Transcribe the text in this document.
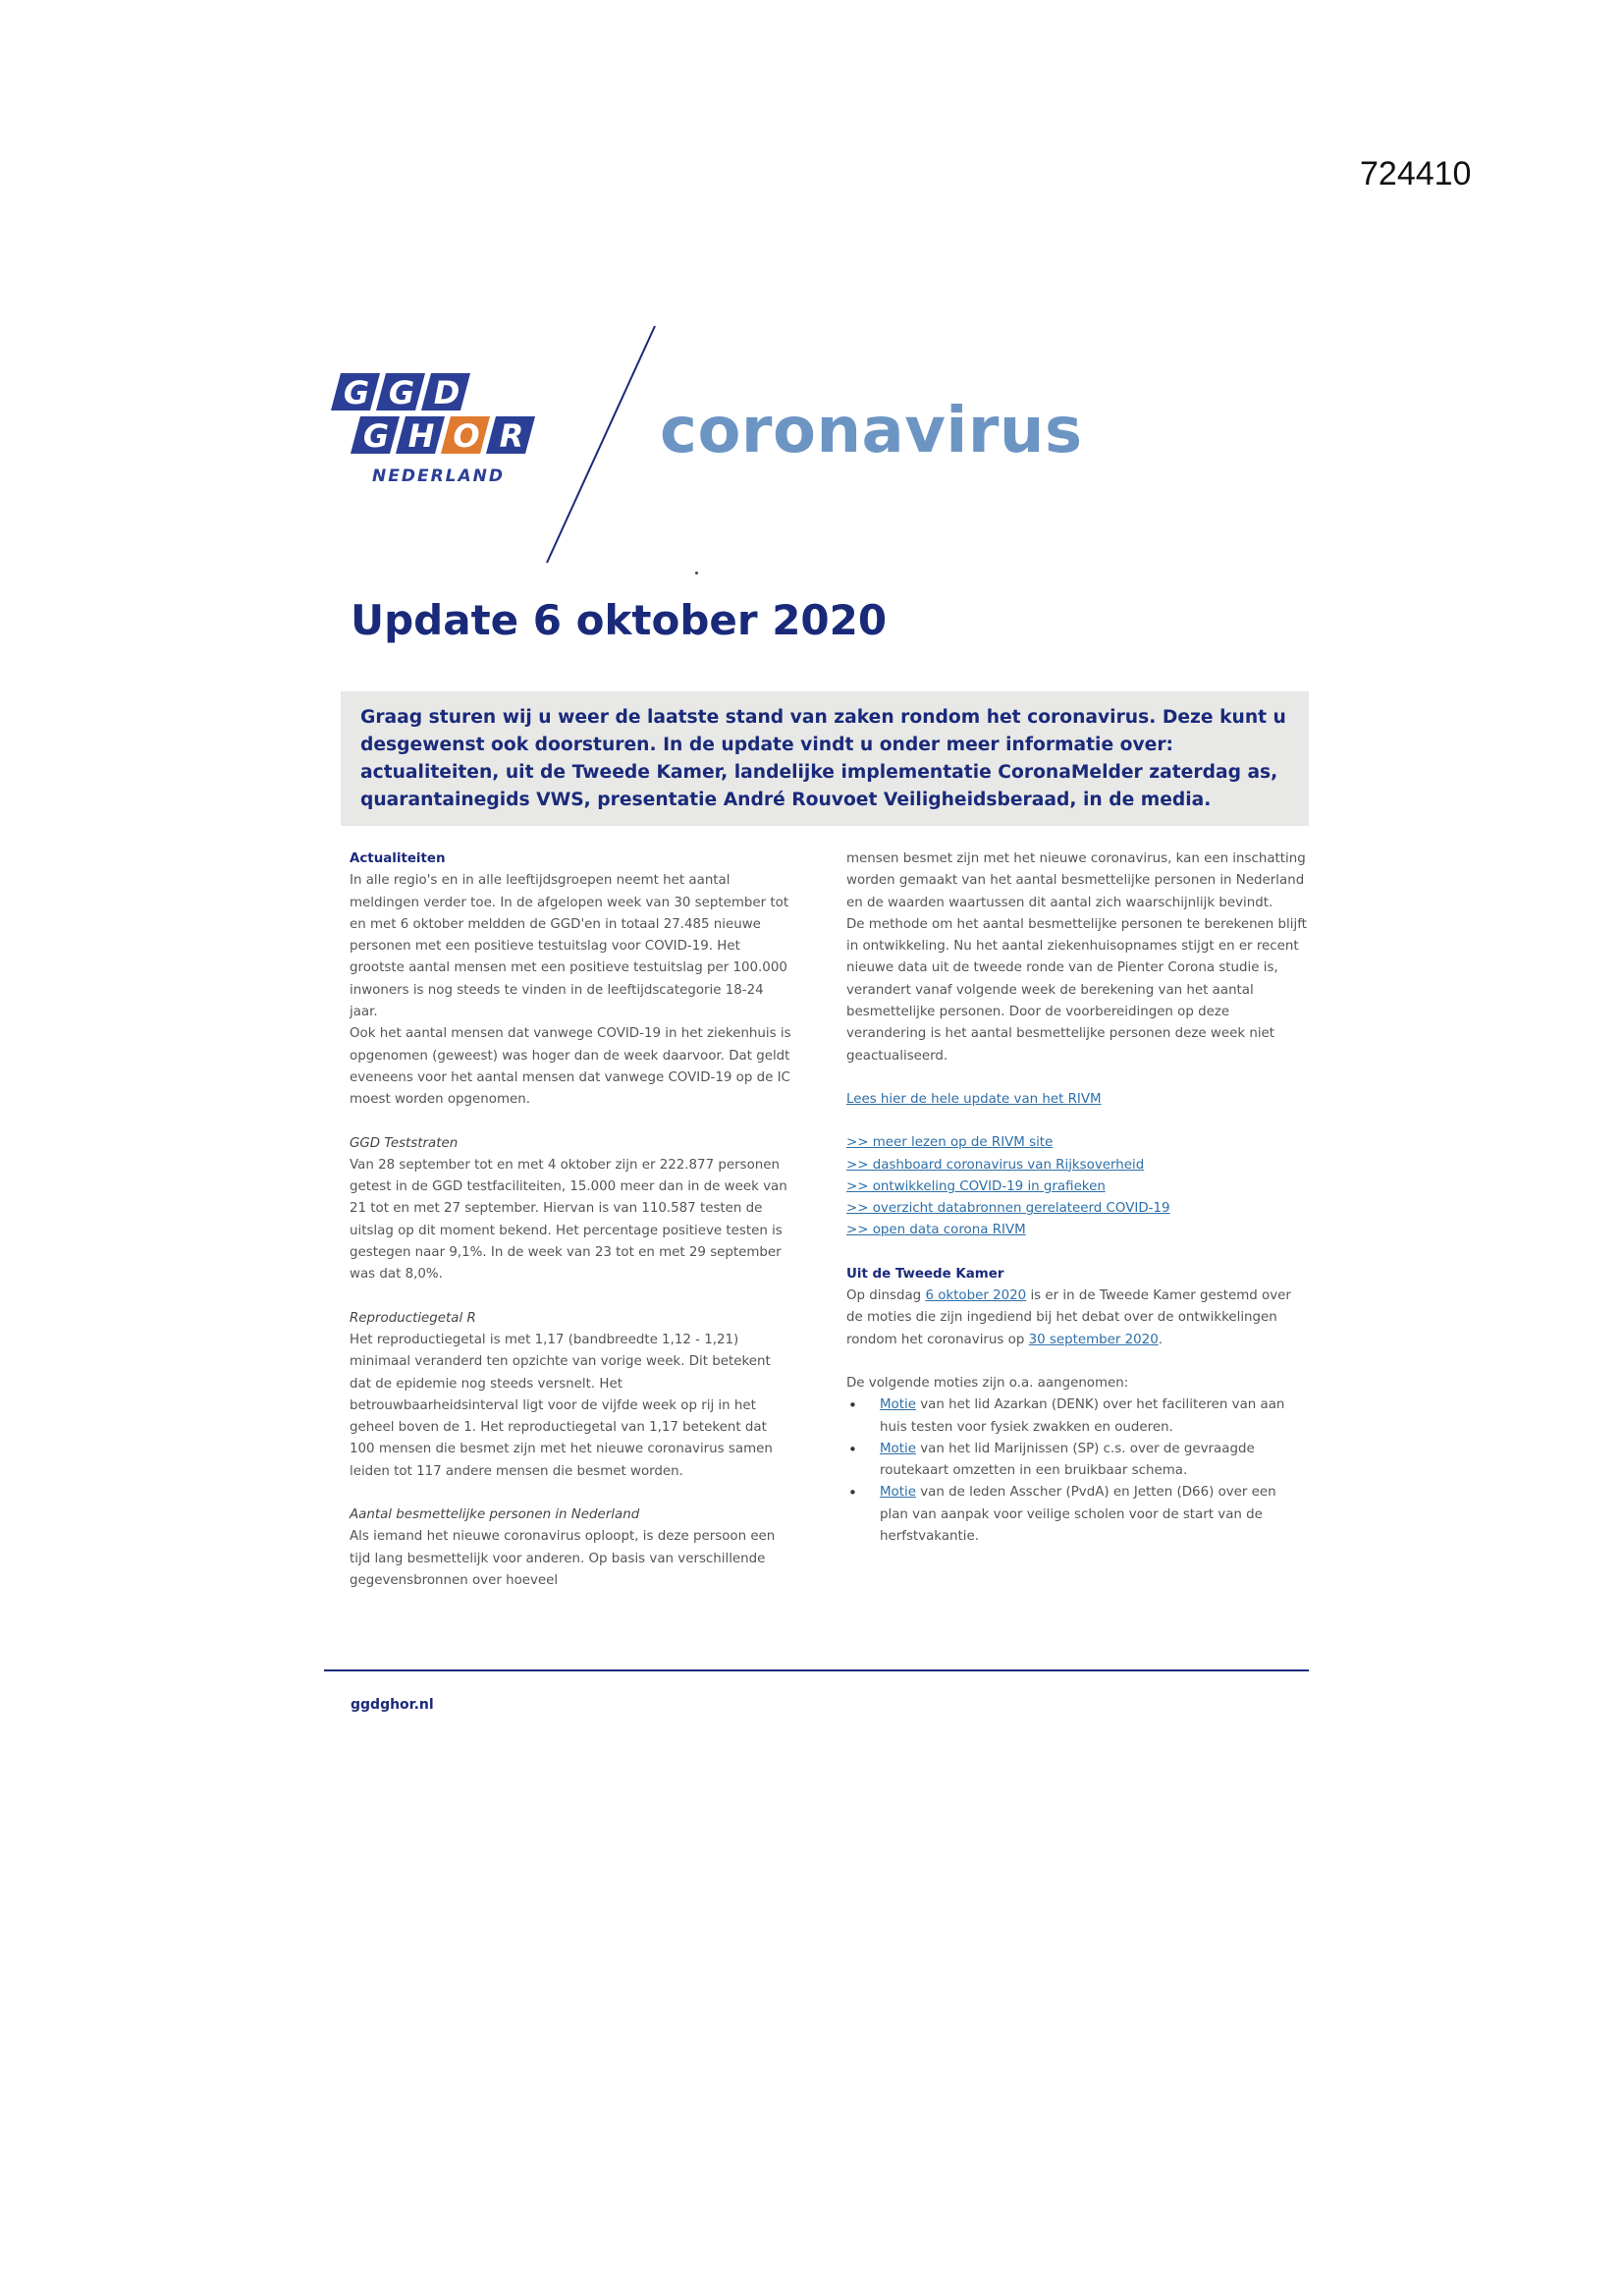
724410
G G D
G H O R
NEDERLAND
coronavirus
Update 6 oktober 2020
Graag sturen wij u weer de laatste stand van zaken rondom het coronavirus. Deze kunt u desgewenst ook doorsturen. In de update vindt u onder meer informatie over: actualiteiten, uit de Tweede Kamer, landelijke implementatie CoronaMelder zaterdag as, quarantainegids VWS, presentatie André Rouvoet Veiligheidsberaad, in de media.

Actualiteiten

In alle regio's en in alle leeftijdsgroepen neemt het aantal meldingen verder toe. In de afgelopen week van 30 september tot en met 6 oktober meldden de GGD'en in totaal 27.485 nieuwe personen met een positieve testuitslag voor COVID-19. Het grootste aantal mensen met een positieve testuitslag per 100.000 inwoners is nog steeds te vinden in de leeftijdscategorie 18-24 jaar.

Ook het aantal mensen dat vanwege COVID-19 in het ziekenhuis is opgenomen (geweest) was hoger dan de week daarvoor. Dat geldt eveneens voor het aantal mensen dat vanwege COVID-19 op de IC moest worden opgenomen.

GGD Teststraten

Van 28 september tot en met 4 oktober zijn er 222.877 personen getest in de GGD testfaciliteiten, 15.000 meer dan in de week van 21 tot en met 27 september. Hiervan is van 110.587 testen de uitslag op dit moment bekend. Het percentage positieve testen is gestegen naar 9,1%. In de week van 23 tot en met 29 september was dat 8,0%.

Reproductiegetal R

Het reproductiegetal is met 1,17 (bandbreedte 1,12 - 1,21) minimaal veranderd ten opzichte van vorige week. Dit betekent dat de epidemie nog steeds versnelt. Het betrouwbaarheidsinterval ligt voor de vijfde week op rij in het geheel boven de 1. Het reproductiegetal van 1,17 betekent dat 100 mensen die besmet zijn met het nieuwe coronavirus samen leiden tot 117 andere mensen die besmet worden.

Aantal besmettelijke personen in Nederland

Als iemand het nieuwe coronavirus oploopt, is deze persoon een tijd lang besmettelijk voor anderen. Op basis van verschillende gegevensbronnen over hoeveel

mensen besmet zijn met het nieuwe coronavirus, kan een inschatting worden gemaakt van het aantal besmettelijke personen in Nederland en de waarden waartussen dit aantal zich waarschijnlijk bevindt.

De methode om het aantal besmettelijke personen te berekenen blijft in ontwikkeling. Nu het aantal ziekenhuisopnames stijgt en er recent nieuwe data uit de tweede ronde van de Pienter Corona studie is, verandert vanaf volgende week de berekening van het aantal besmettelijke personen. Door de voorbereidingen op deze verandering is het aantal besmettelijke personen deze week niet geactualiseerd.

Lees hier de hele update van het RIVM

>> meer lezen op de RIVM site
>> dashboard coronavirus van Rijksoverheid
>> ontwikkeling COVID-19 in grafieken
>> overzicht databronnen gerelateerd COVID-19
>> open data corona RIVM

Uit de Tweede Kamer

Op dinsdag 6 oktober 2020 is er in de Tweede Kamer gestemd over de moties die zijn ingediend bij het debat over de ontwikkelingen rondom het coronavirus op 30 september 2020.

De volgende moties zijn o.a. aangenomen:

• Motie van het lid Azarkan (DENK) over het faciliteren van aan huis testen voor fysiek zwakken en ouderen.
• Motie van het lid Marijnissen (SP) c.s. over de gevraagde routekaart omzetten in een bruikbaar schema.
• Motie van de leden Asscher (PvdA) en Jetten (D66) over een plan van aanpak voor veilige scholen voor de start van de herfstvakantie.
ggdghor.nl
